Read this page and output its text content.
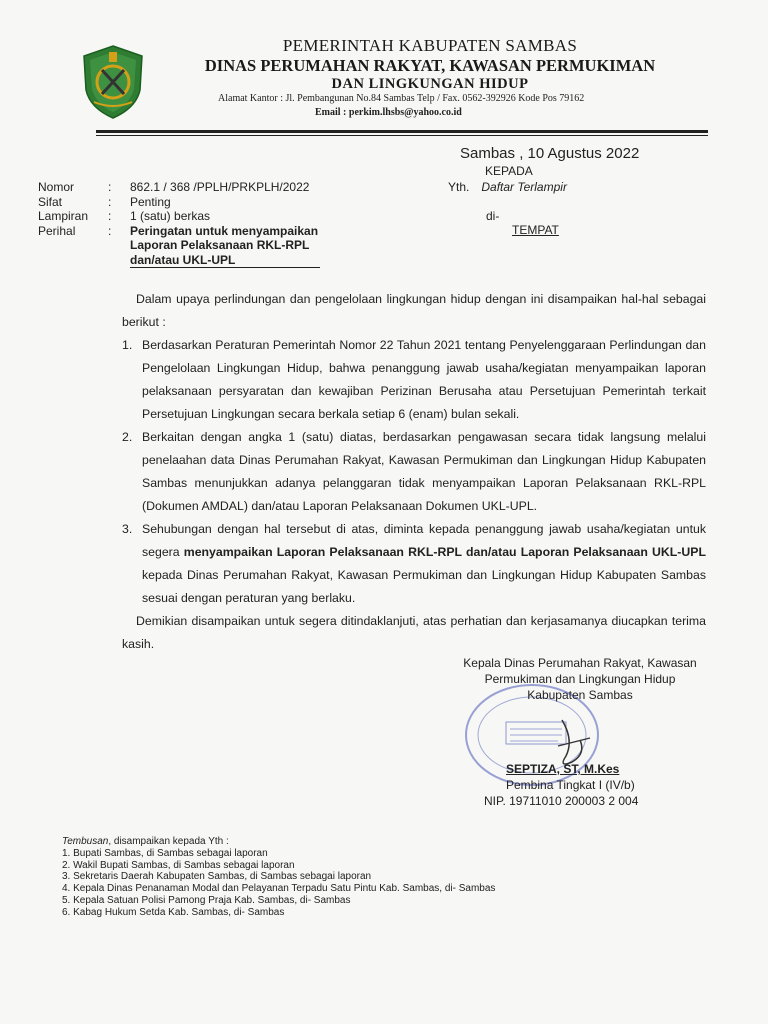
PEMERINTAH KABUPATEN SAMBAS
DINAS PERUMAHAN RAKYAT, KAWASAN PERMUKIMAN
DAN LINGKUNGAN HIDUP
Alamat Kantor : Jl. Pembangunan No.84 Sambas Telp / Fax. 0562-392926 Kode Pos 79162
Email : perkim.lhsbs@yahoo.co.id
Sambas , 10 Agustus 2022
KEPADA
Yth. Daftar Terlampir
di-
TEMPAT
Nomor	:	862.1 / 368 /PPLH/PRKPLH/2022
Sifat	:	Penting
Lampiran	:	1 (satu) berkas
Perihal	:	Peringatan untuk menyampaikan
Laporan Pelaksanaan RKL-RPL
dan/atau UKL-UPL

Dalam upaya perlindungan dan pengelolaan lingkungan hidup dengan ini disampaikan hal-hal sebagai berikut :

1. Berdasarkan Peraturan Pemerintah Nomor 22 Tahun 2021 tentang Penyelenggaraan Perlindungan dan Pengelolaan Lingkungan Hidup, bahwa penanggung jawab usaha/kegiatan menyampaikan laporan pelaksanaan persyaratan dan kewajiban Perizinan Berusaha atau Persetujuan Pemerintah terkait Persetujuan Lingkungan secara berkala setiap 6 (enam) bulan sekali.
2. Berkaitan dengan angka 1 (satu) diatas, berdasarkan pengawasan secara tidak langsung melalui penelaahan data Dinas Perumahan Rakyat, Kawasan Permukiman dan Lingkungan Hidup Kabupaten Sambas menunjukkan adanya pelanggaran tidak menyampaikan Laporan Pelaksanaan RKL-RPL (Dokumen AMDAL) dan/atau Laporan Pelaksanaan Dokumen UKL-UPL.
3. Sehubungan dengan hal tersebut di atas, diminta kepada penanggung jawab usaha/kegiatan untuk segera menyampaikan Laporan Pelaksanaan RKL-RPL dan/atau Laporan Pelaksanaan UKL-UPL kepada Dinas Perumahan Rakyat, Kawasan Permukiman dan Lingkungan Hidup Kabupaten Sambas sesuai dengan peraturan yang berlaku.

Demikian disampaikan untuk segera ditindaklanjuti, atas perhatian dan kerjasamanya diucapkan terima kasih.

Kepala Dinas Perumahan Rakyat, Kawasan
Permukiman dan Lingkungan Hidup
Kabupaten Sambas
SEPTIZA, ST, M.Kes
Pembina Tingkat I (IV/b)
NIP. 19711010 200003 2 004
Tembusan, disampaikan kepada Yth :
1. Bupati Sambas, di Sambas sebagai laporan
2. Wakil Bupati Sambas, di Sambas sebagai laporan
3. Sekretaris Daerah Kabupaten Sambas, di Sambas sebagai laporan
4. Kepala Dinas Penanaman Modal dan Pelayanan Terpadu Satu Pintu Kab. Sambas, di- Sambas
5. Kepala Satuan Polisi Pamong Praja Kab. Sambas, di- Sambas
6. Kabag Hukum Setda Kab. Sambas, di- Sambas
